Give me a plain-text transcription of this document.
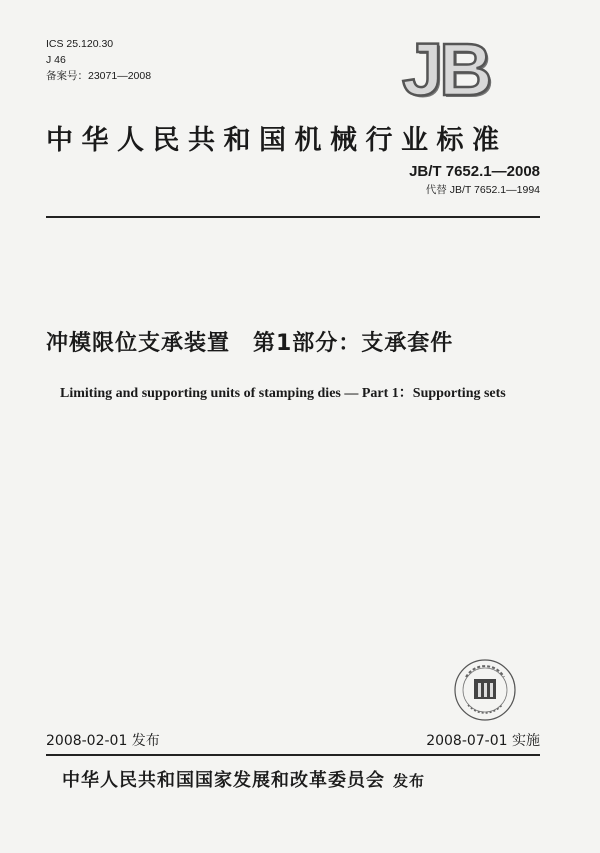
ICS 25.120.30
J 46
备案号：23071—2008	JB
中华人民共和国机械行业标准
JB/T 7652.1—2008
代替 JB/T 7652.1—1994
冲模限位支承装置　第1部分：支承套件
Limiting and supporting units of stamping dies — Part 1：Supporting sets
2008-02-01 发布	2008-07-01 实施
中华人民共和国国家发展和改革委员会 发布
